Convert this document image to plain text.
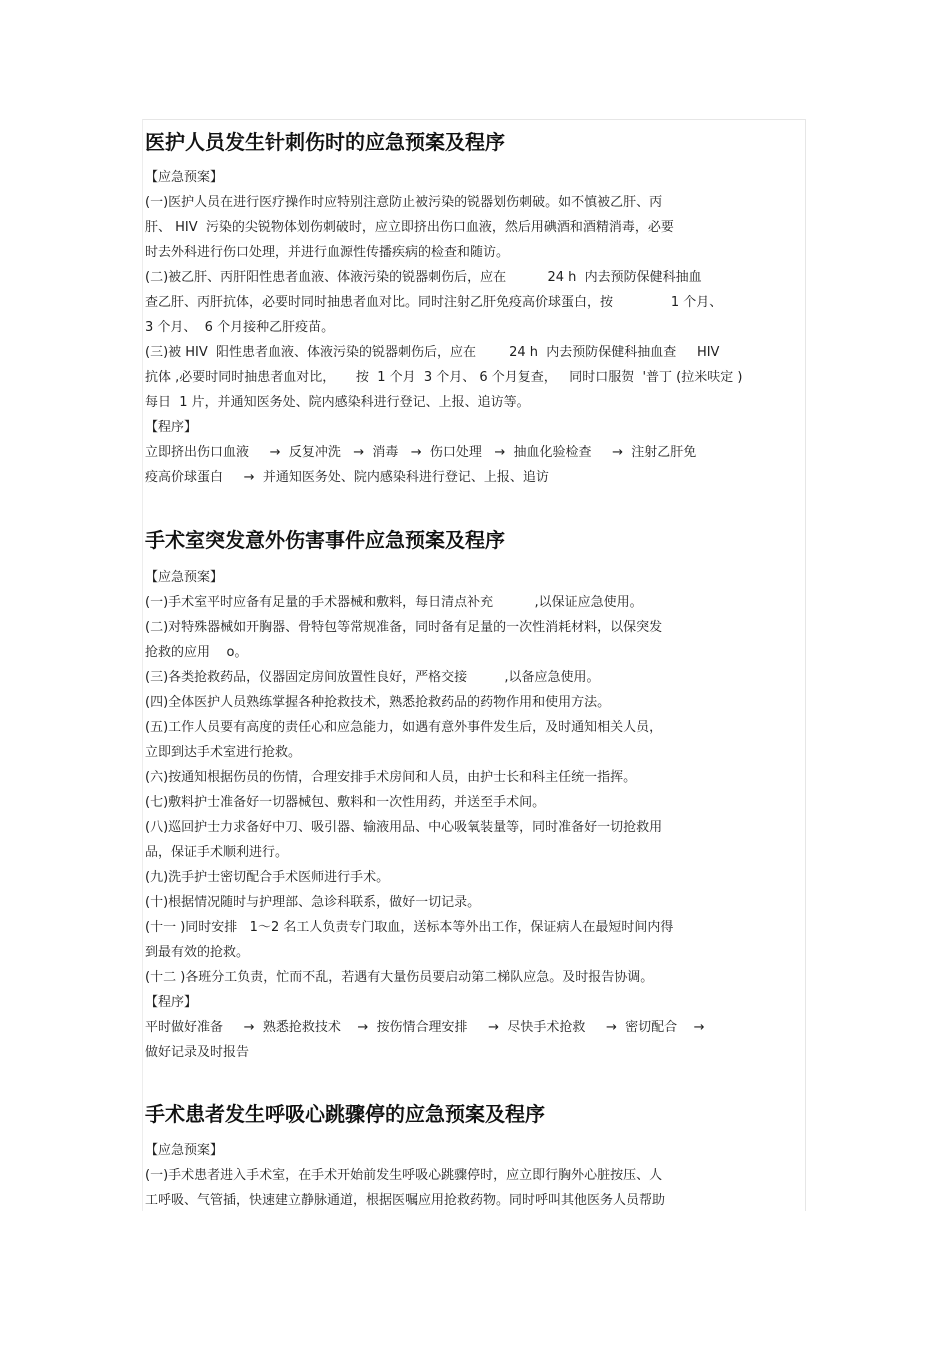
医护人员发生针刺伤时的应急预案及程序

【应急预案】

(一)医护人员在进行医疗操作时应特别注意防止被污染的锐器划伤刺破。如不慎被乙肝、丙

肝、 HIV  污染的尖锐物体划伤刺破时，应立即挤出伤口血液，然后用碘酒和酒精消毒，必要

时去外科进行伤口处理，并进行血源性传播疾病的检查和随访。

(二)被乙肝、丙肝阳性患者血液、体液污染的锐器刺伤后，应在          24 h  内去预防保健科抽血

查乙肝、丙肝抗体，必要时同时抽患者血对比。同时注射乙肝免疫高价球蛋白，按              1 个月、

3 个月、  6 个月接种乙肝疫苗。

(三)被 HIV  阳性患者血液、体液污染的锐器刺伤后，应在        24 h  内去预防保健科抽血查     HIV

抗体 ,必要时同时抽患者血对比，     按  1 个月  3 个月、 6 个月复查，   同时口服贺  '普丁 (拉米呋定 )

每日  1 片，并通知医务处、院内感染科进行登记、上报、追访等。

【程序】

立即挤出伤口血液     →  反复冲洗   →  消毒   →  伤口处理   →  抽血化验检查     →  注射乙肝免

疫高价球蛋白     →  并通知医务处、院内感染科进行登记、上报、追访

手术室突发意外伤害事件应急预案及程序

【应急预案】

(一)手术室平时应备有足量的手术器械和敷料，每日清点补充          ,以保证应急使用。

(二)对特殊器械如开胸器、骨特包等常规准备，同时备有足量的一次性消耗材料，以保突发

抢救的应用    o。

(三)各类抢救药品，仪器固定房间放置性良好，严格交接         ,以备应急使用。

(四)全体医护人员熟练掌握各种抢救技术，熟悉抢救药品的药物作用和使用方法。

(五)工作人员要有高度的责任心和应急能力，如遇有意外事件发生后，及时通知相关人员，

立即到达手术室进行抢救。

(六)按通知根据伤员的伤情，合理安排手术房间和人员，由护士长和科主任统一指挥。

(七)敷料护士准备好一切器械包、敷料和一次性用药，并送至手术间。

(八)巡回护士力求备好中刀、吸引器、输液用品、中心吸氧装量等，同时准备好一切抢救用

品，保证手术顺利进行。

(九)洗手护士密切配合手术医师进行手术。

(十)根据情况随时与护理部、急诊科联系，做好一切记录。

(十一 )同时安排   1～2 名工人负责专门取血，送标本等外出工作，保证病人在最短时间内得

到最有效的抢救。

(十二 )各班分工负责，忙而不乱，若遇有大量伤员要启动第二梯队应急。及时报告协调。

【程序】

平时做好准备     →  熟悉抢救技术    →  按伤情合理安排     →  尽快手术抢救     →  密切配合    →

做好记录及时报告

手术患者发生呼吸心跳骤停的应急预案及程序

【应急预案】

(一)手术患者进入手术室，在手术开始前发生呼吸心跳骤停时，应立即行胸外心脏按压、人

工呼吸、气管插，快速建立静脉通道，根据医嘱应用抢救药物。同时呼叫其他医务人员帮助
